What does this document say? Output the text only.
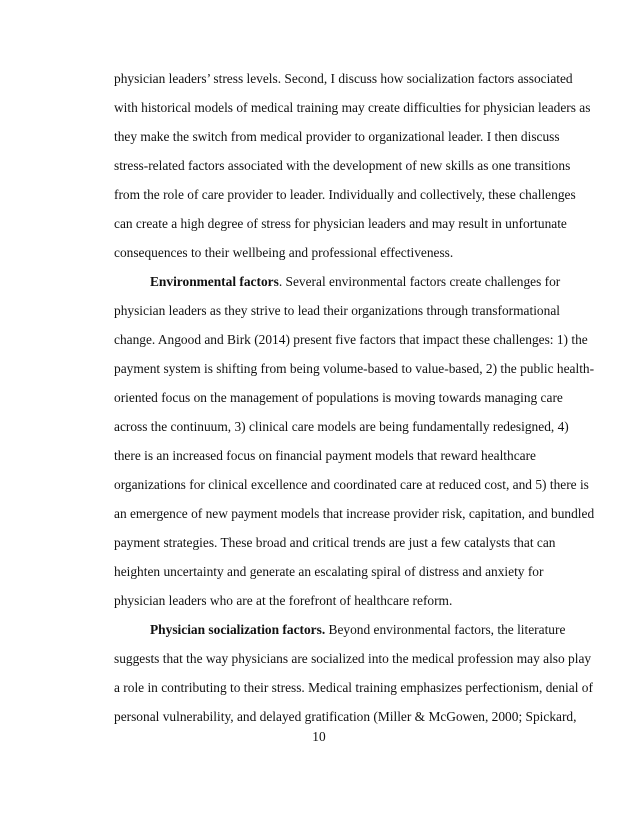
physician leaders’ stress levels. Second, I discuss how socialization factors associated
with historical models of medical training may create difficulties for physician leaders as
they make the switch from medical provider to organizational leader. I then discuss
stress-related factors associated with the development of new skills as one transitions
from the role of care provider to leader. Individually and collectively, these challenges
can create a high degree of stress for physician leaders and may result in unfortunate
consequences to their wellbeing and professional effectiveness.
Environmental factors. Several environmental factors create challenges for
physician leaders as they strive to lead their organizations through transformational
change. Angood and Birk (2014) present five factors that impact these challenges: 1) the
payment system is shifting from being volume-based to value-based, 2) the public health-
oriented focus on the management of populations is moving towards managing care
across the continuum, 3) clinical care models are being fundamentally redesigned, 4)
there is an increased focus on financial payment models that reward healthcare
organizations for clinical excellence and coordinated care at reduced cost, and 5) there is
an emergence of new payment models that increase provider risk, capitation, and bundled
payment strategies. These broad and critical trends are just a few catalysts that can
heighten uncertainty and generate an escalating spiral of distress and anxiety for
physician leaders who are at the forefront of healthcare reform.
Physician socialization factors. Beyond environmental factors, the literature
suggests that the way physicians are socialized into the medical profession may also play
a role in contributing to their stress. Medical training emphasizes perfectionism, denial of
personal vulnerability, and delayed gratification (Miller & McGowen, 2000; Spickard,
10
